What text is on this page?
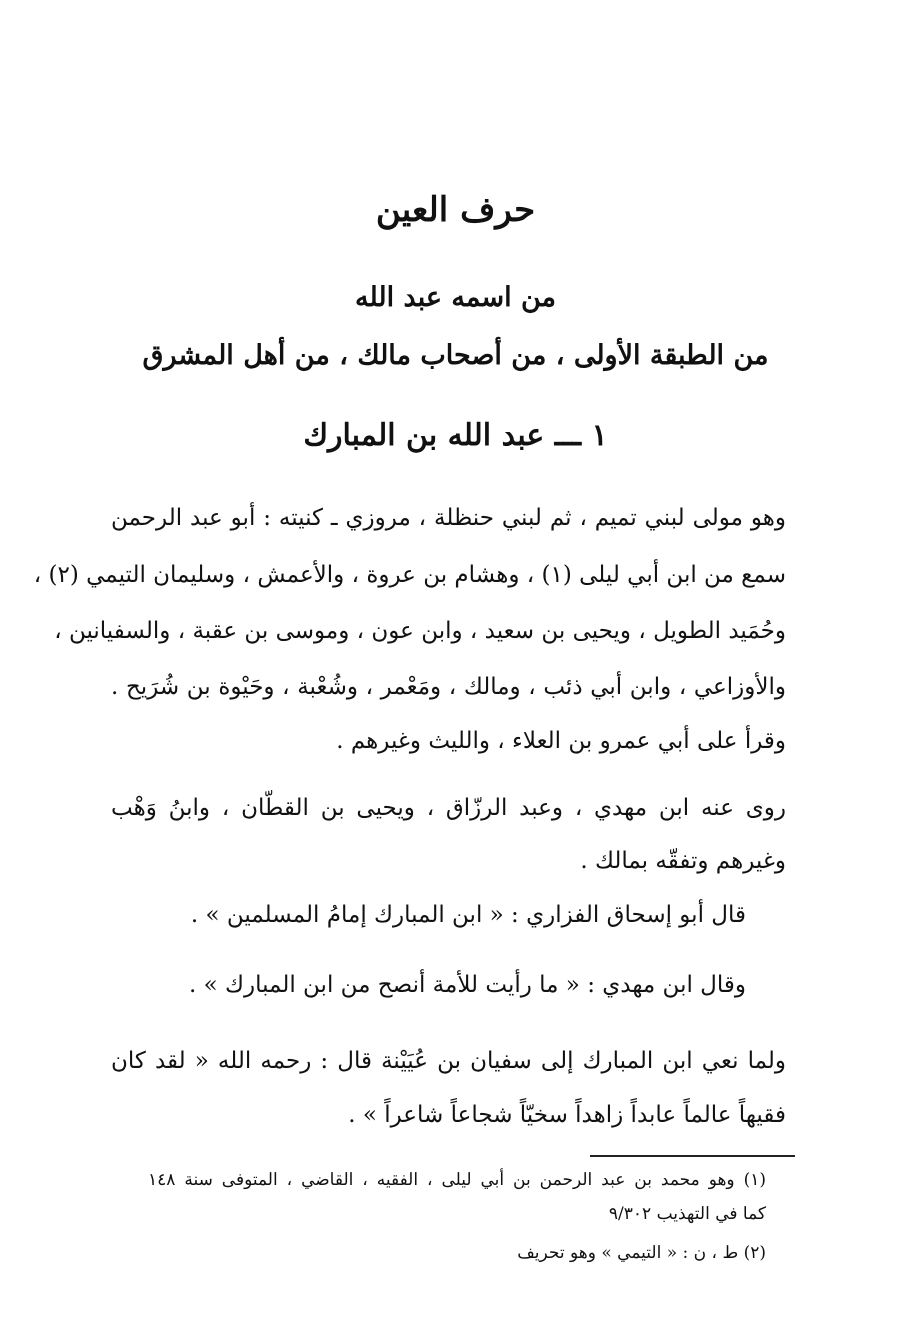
حرف العين
من اسمه عبد الله
من الطبقة الأولى ، من أصحاب مالك ، من أهل المشرق
١ ـــ عبد الله بن المبارك
وهو مولى لبني تميم ، ثم لبني حنظلة ، مروزي ـ كنيته : أبو عبد الرحمن
سمع من ابن أبي ليلى (١) ، وهشام بن عروة ، والأعمش ، وسليمان التيمي (٢) ،
وحُمَيد الطويل ، ويحيى بن سعيد ، وابن عون ، وموسى بن عقبة ، والسفيانين ،
والأوزاعي ، وابن أبي ذئب ، ومالك ، ومَعْمر ، وشُعْبة ، وحَيْوة بن شُرَيح .
وقرأ على أبي عمرو بن العلاء ، والليث وغيرهم .
روى عنه ابن مهدي ، وعبد الرزّاق ، ويحيى بن القطّان ، وابنُ وَهْب
وغيرهم وتفقّه بمالك .
قال أبو إسحاق الفزاري : « ابن المبارك إمامُ المسلمين » .
وقال ابن مهدي : « ما رأيت للأمة أنصح من ابن المبارك » .
ولما نعي ابن المبارك إلى سفيان بن عُيَيْنة قال : رحمه الله « لقد كان
فقيهاً عالماً عابداً زاهداً سخيّاً شجاعاً شاعراً » .
(١) وهو محمد بن عبد الرحمن بن أبي ليلى ، الفقيه ، القاضي ، المتوفى سنة ١٤٨
كما في التهذيب ٩/٣٠٢
(٢) ط ، ن : « التيمي » وهو تحريف
